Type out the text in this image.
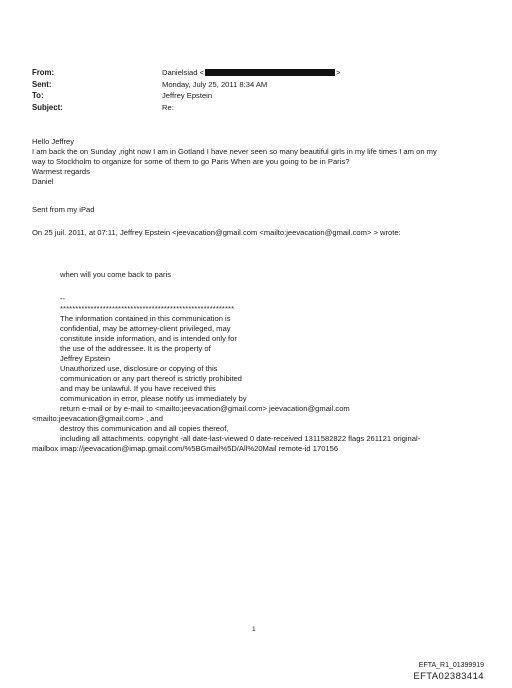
From:	Danielsiad <	>
Sent:	Monday, July 25, 2011 8:34 AM
To:	Jeffrey Epstein
Subject:	Re:
Hello Jeffrey
I am back the on Sunday ,right now I am in Gotland I have never seen so many beautiful girls in my life times I am on my
way to Stockholm to organize for some of them to go Paris When are you going to be in Paris?
Warmest regards
Daniel
Sent from my iPad
On 25 juil. 2011, at 07:11, Jeffrey Epstein <jeevacation@gmail.com <mailto:jeevacation@gmail.com> > wrote:
when will you come back to paris
--
*********************************************************
The information contained in this communication is
confidential, may be attorney-client privileged, may
constitute inside information, and is intended only for
the use of the addressee. It is the property of
Jeffrey Epstein
Unauthorized use, disclosure or copying of this
communication or any part thereof is strictly prohibited
and may be unlawful. If you have received this
communication in error, please notify us immediately by
return e-mail or by e-mail to <mailto:jeevacation@gmail.com> jeevacation@gmail.com
<mailto:jeevacation@gmail.com> , and
destroy this communication and all copies thereof,
including all attachments. copyright -all date-last-viewed 0 date-received 1311582822 flags 261121 original-
mailbox imap://jeevacation@imap.gmail.com/%5BGmail%5D/All%20Mail remote-id 170156
1
EFTA_R1_01399919
EFTA02383414
